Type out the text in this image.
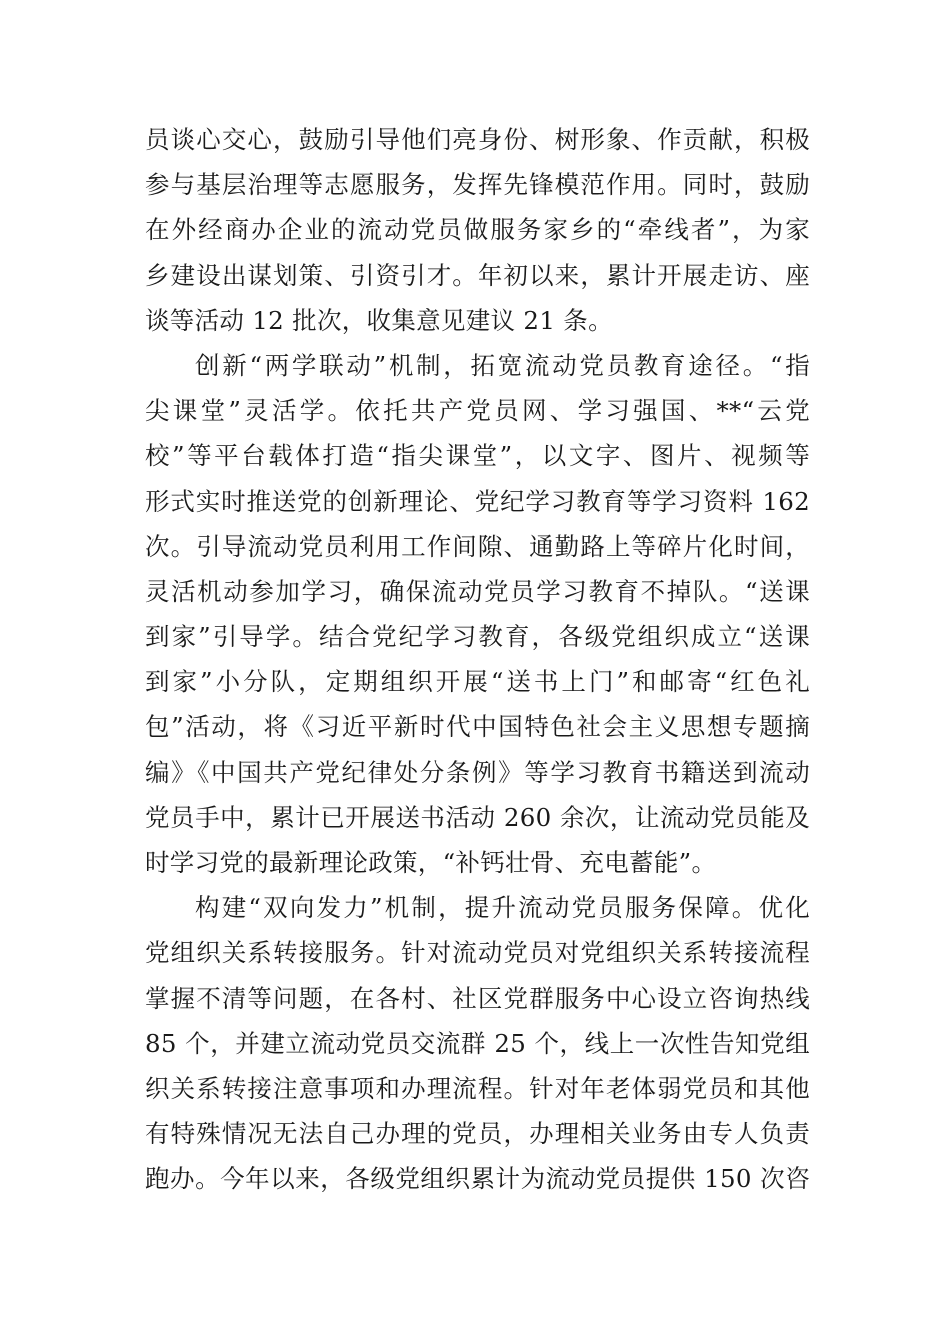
员谈心交心，鼓励引导他们亮身份、树形象、作贡献，积极
参与基层治理等志愿服务，发挥先锋模范作用。同时，鼓励
在外经商办企业的流动党员做服务家乡的“牵线者”，为家
乡建设出谋划策、引资引才。年初以来，累计开展走访、座
谈等活动 12 批次，收集意见建议 21 条。
创新“两学联动”机制，拓宽流动党员教育途径。“指
尖课堂”灵活学。依托共产党员网、学习强国、**“云党
校”等平台载体打造“指尖课堂”，以文字、图片、视频等
形式实时推送党的创新理论、党纪学习教育等学习资料 162
次。引导流动党员利用工作间隙、通勤路上等碎片化时间，
灵活机动参加学习，确保流动党员学习教育不掉队。“送课
到家”引导学。结合党纪学习教育，各级党组织成立“送课
到家”小分队，定期组织开展“送书上门”和邮寄“红色礼
包”活动，将《习近平新时代中国特色社会主义思想专题摘
编》《中国共产党纪律处分条例》等学习教育书籍送到流动
党员手中，累计已开展送书活动 260 余次，让流动党员能及
时学习党的最新理论政策，“补钙壮骨、充电蓄能”。
构建“双向发力”机制，提升流动党员服务保障。优化
党组织关系转接服务。针对流动党员对党组织关系转接流程
掌握不清等问题，在各村、社区党群服务中心设立咨询热线
85 个，并建立流动党员交流群 25 个，线上一次性告知党组
织关系转接注意事项和办理流程。针对年老体弱党员和其他
有特殊情况无法自己办理的党员，办理相关业务由专人负责
跑办。今年以来，各级党组织累计为流动党员提供 150 次咨
